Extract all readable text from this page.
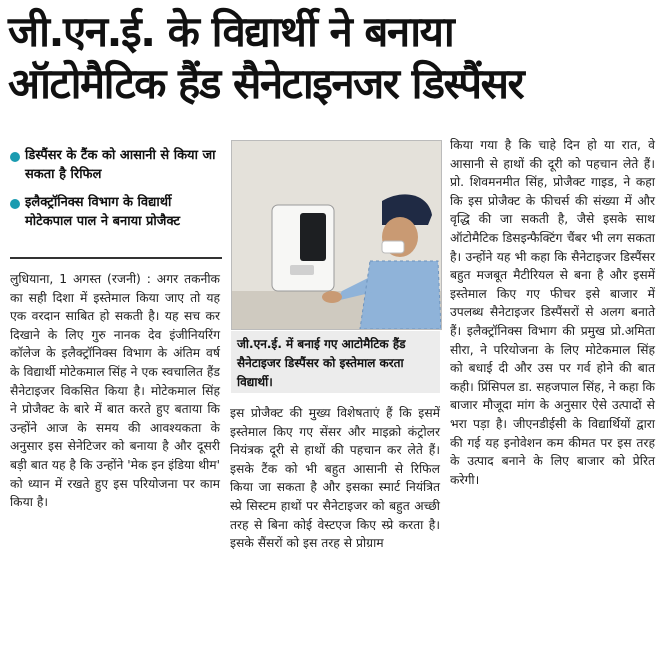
जी.एन.ई. के विद्यार्थी ने बनाया
ऑटोमैटिक हैंड सैनेटाइनजर डिस्पैंसर
डिस्पैंसर के टैंक को आसानी से किया जा सकता है रिफिल
इलैक्ट्रॉनिक्स विभाग के विद्यार्थी मोटेकपाल पाल ने बनाया प्रोजैक्ट

लुधियाना, 1 अगस्त (रजनी) : अगर तकनीक का सही दिशा में इस्तेमाल किया जाए तो यह एक वरदान साबित हो सकती है। यह सच कर दिखाने के लिए गुरु नानक देव इंजीनियरिंग कॉलेज के इलैक्ट्रॉनिक्स विभाग के अंतिम वर्ष के विद्यार्थी मोटेकमाल सिंह ने एक स्वचालित हैंड सैनेटाइजर विकसित किया है। मोटेकमाल सिंह ने प्रोजैक्ट के बारे में बात करते हुए बताया कि उन्होंने आज के समय की आवश्यकता के अनुसार इस सेनेटिजर को बनाया है और दूसरी बड़ी बात यह है कि उन्होंने 'मेक इन इंडिया थीम' को ध्यान में रखते हुए इस परियोजना पर काम किया है।

जी.एन.ई. में बनाई गए आटोमैटिक हैंड सैनेटाइजर डिस्पैंसर को इस्तेमाल करता विद्यार्थी।

इस प्रोजैक्ट की मुख्य विशेषताएं हैं कि इसमें इस्तेमाल किए गए सेंसर और माइक्रो कंट्रोलर नियंत्रक दूरी से हाथों की पहचान कर लेते हैं। इसके टैंक को भी बहुत आसानी से रिफिल किया जा सकता है और इसका स्मार्ट नियंत्रित स्प्रे सिस्टम हाथों पर सैनेटाइजर को बहुत अच्छी तरह से बिना कोई वेस्टएज किए स्प्रे करता है। इसके सैंसरों को इस तरह से प्रोग्राम

किया गया है कि चाहे दिन हो या रात, वे आसानी से हाथों की दूरी को पहचान लेते हैं। प्रो. शिवमनमीत सिंह, प्रोजैक्ट गाइड, ने कहा कि इस प्रोजैक्ट के फीचर्स की संख्या में और वृद्धि की जा सकती है, जैसे इसके साथ ऑटोमैटिक डिसइन्फैक्टिंग चैंबर भी लग सकता है। उन्होंने यह भी कहा कि सैनेटाइजर डिस्पैंसर बहुत मजबूत मैटीरियल से बना है और इसमें इस्तेमाल किए गए फीचर इसे बाजार में उपलब्ध सैनेटाइजर डिस्पैंसरों से अलग बनाते हैं। इलैक्ट्रॉनिक्स विभाग की प्रमुख प्रो.अमिता सीरा, ने परियोजना के लिए मोटेकमाल सिंह को बधाई दी और उस पर गर्व होने की बात कही। प्रिंसिपल डा. सहजपाल सिंह, ने कहा कि बाजार मौजूदा मांग के अनुसार ऐसे उत्पादों से भरा पड़ा है। जीएनडीईसी के विद्यार्थियों द्वारा की गई यह इनोवेशन कम कीमत पर इस तरह के उत्पाद बनाने के लिए बाजार को प्रेरित करेगी।
